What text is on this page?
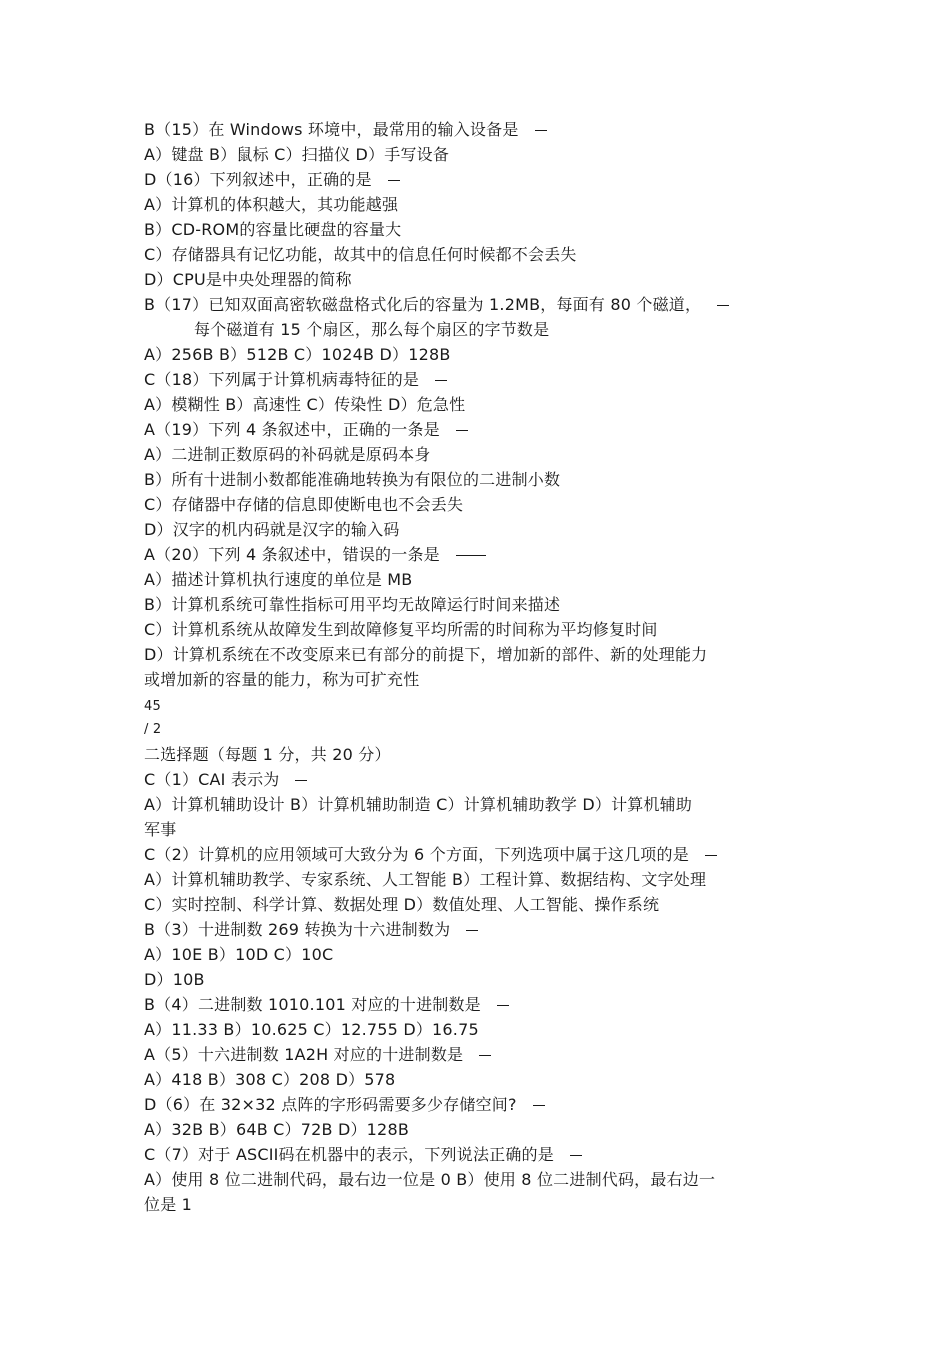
B（15）在 Windows 环境中，最常用的输入设备是
A）键盘 B）鼠标 C）扫描仪 D）手写设备
D（16）下列叙述中，正确的是
A）计算机的体积越大，其功能越强
B）CD-ROM的容量比硬盘的容量大
C）存储器具有记忆功能，故其中的信息任何时候都不会丢失
D）CPU是中央处理器的简称
B（17）已知双面高密软磁盘格式化后的容量为 1.2MB，每面有 80 个磁道，
每个磁道有 15 个扇区，那么每个扇区的字节数是
A）256B B）512B C）1024B D）128B
C（18）下列属于计算机病毒特征的是
A）模糊性 B）高速性 C）传染性 D）危急性
A（19）下列 4 条叙述中，正确的一条是
A）二进制正数原码的补码就是原码本身
B）所有十进制小数都能准确地转换为有限位的二进制小数
C）存储器中存储的信息即使断电也不会丢失
D）汉字的机内码就是汉字的输入码
A（20）下列 4 条叙述中，错误的一条是
A）描述计算机执行速度的单位是 MB
B）计算机系统可靠性指标可用平均无故障运行时间来描述
C）计算机系统从故障发生到故障修复平均所需的时间称为平均修复时间
D）计算机系统在不改变原来已有部分的前提下，增加新的部件、新的处理能力
或增加新的容量的能力，称为可扩充性
45
/ 2
二选择题（每题 1 分，共 20 分）
C（1）CAI 表示为
A）计算机辅助设计 B）计算机辅助制造 C）计算机辅助教学 D）计算机辅助
军事
C（2）计算机的应用领域可大致分为 6 个方面，下列选项中属于这几项的是
A）计算机辅助教学、专家系统、人工智能 B）工程计算、数据结构、文字处理
C）实时控制、科学计算、数据处理 D）数值处理、人工智能、操作系统
B（3）十进制数 269 转换为十六进制数为
A）10E B）10D C）10C
D）10B
B（4）二进制数 1010.101 对应的十进制数是
A）11.33 B）10.625 C）12.755 D）16.75
A（5）十六进制数 1A2H 对应的十进制数是
A）418 B）308 C）208 D）578
D（6）在 32×32 点阵的字形码需要多少存储空间?
A）32B B）64B C）72B D）128B
C（7）对于 ASCII码在机器中的表示，下列说法正确的是
A）使用 8 位二进制代码，最右边一位是 0 B）使用 8 位二进制代码，最右边一
位是 1
